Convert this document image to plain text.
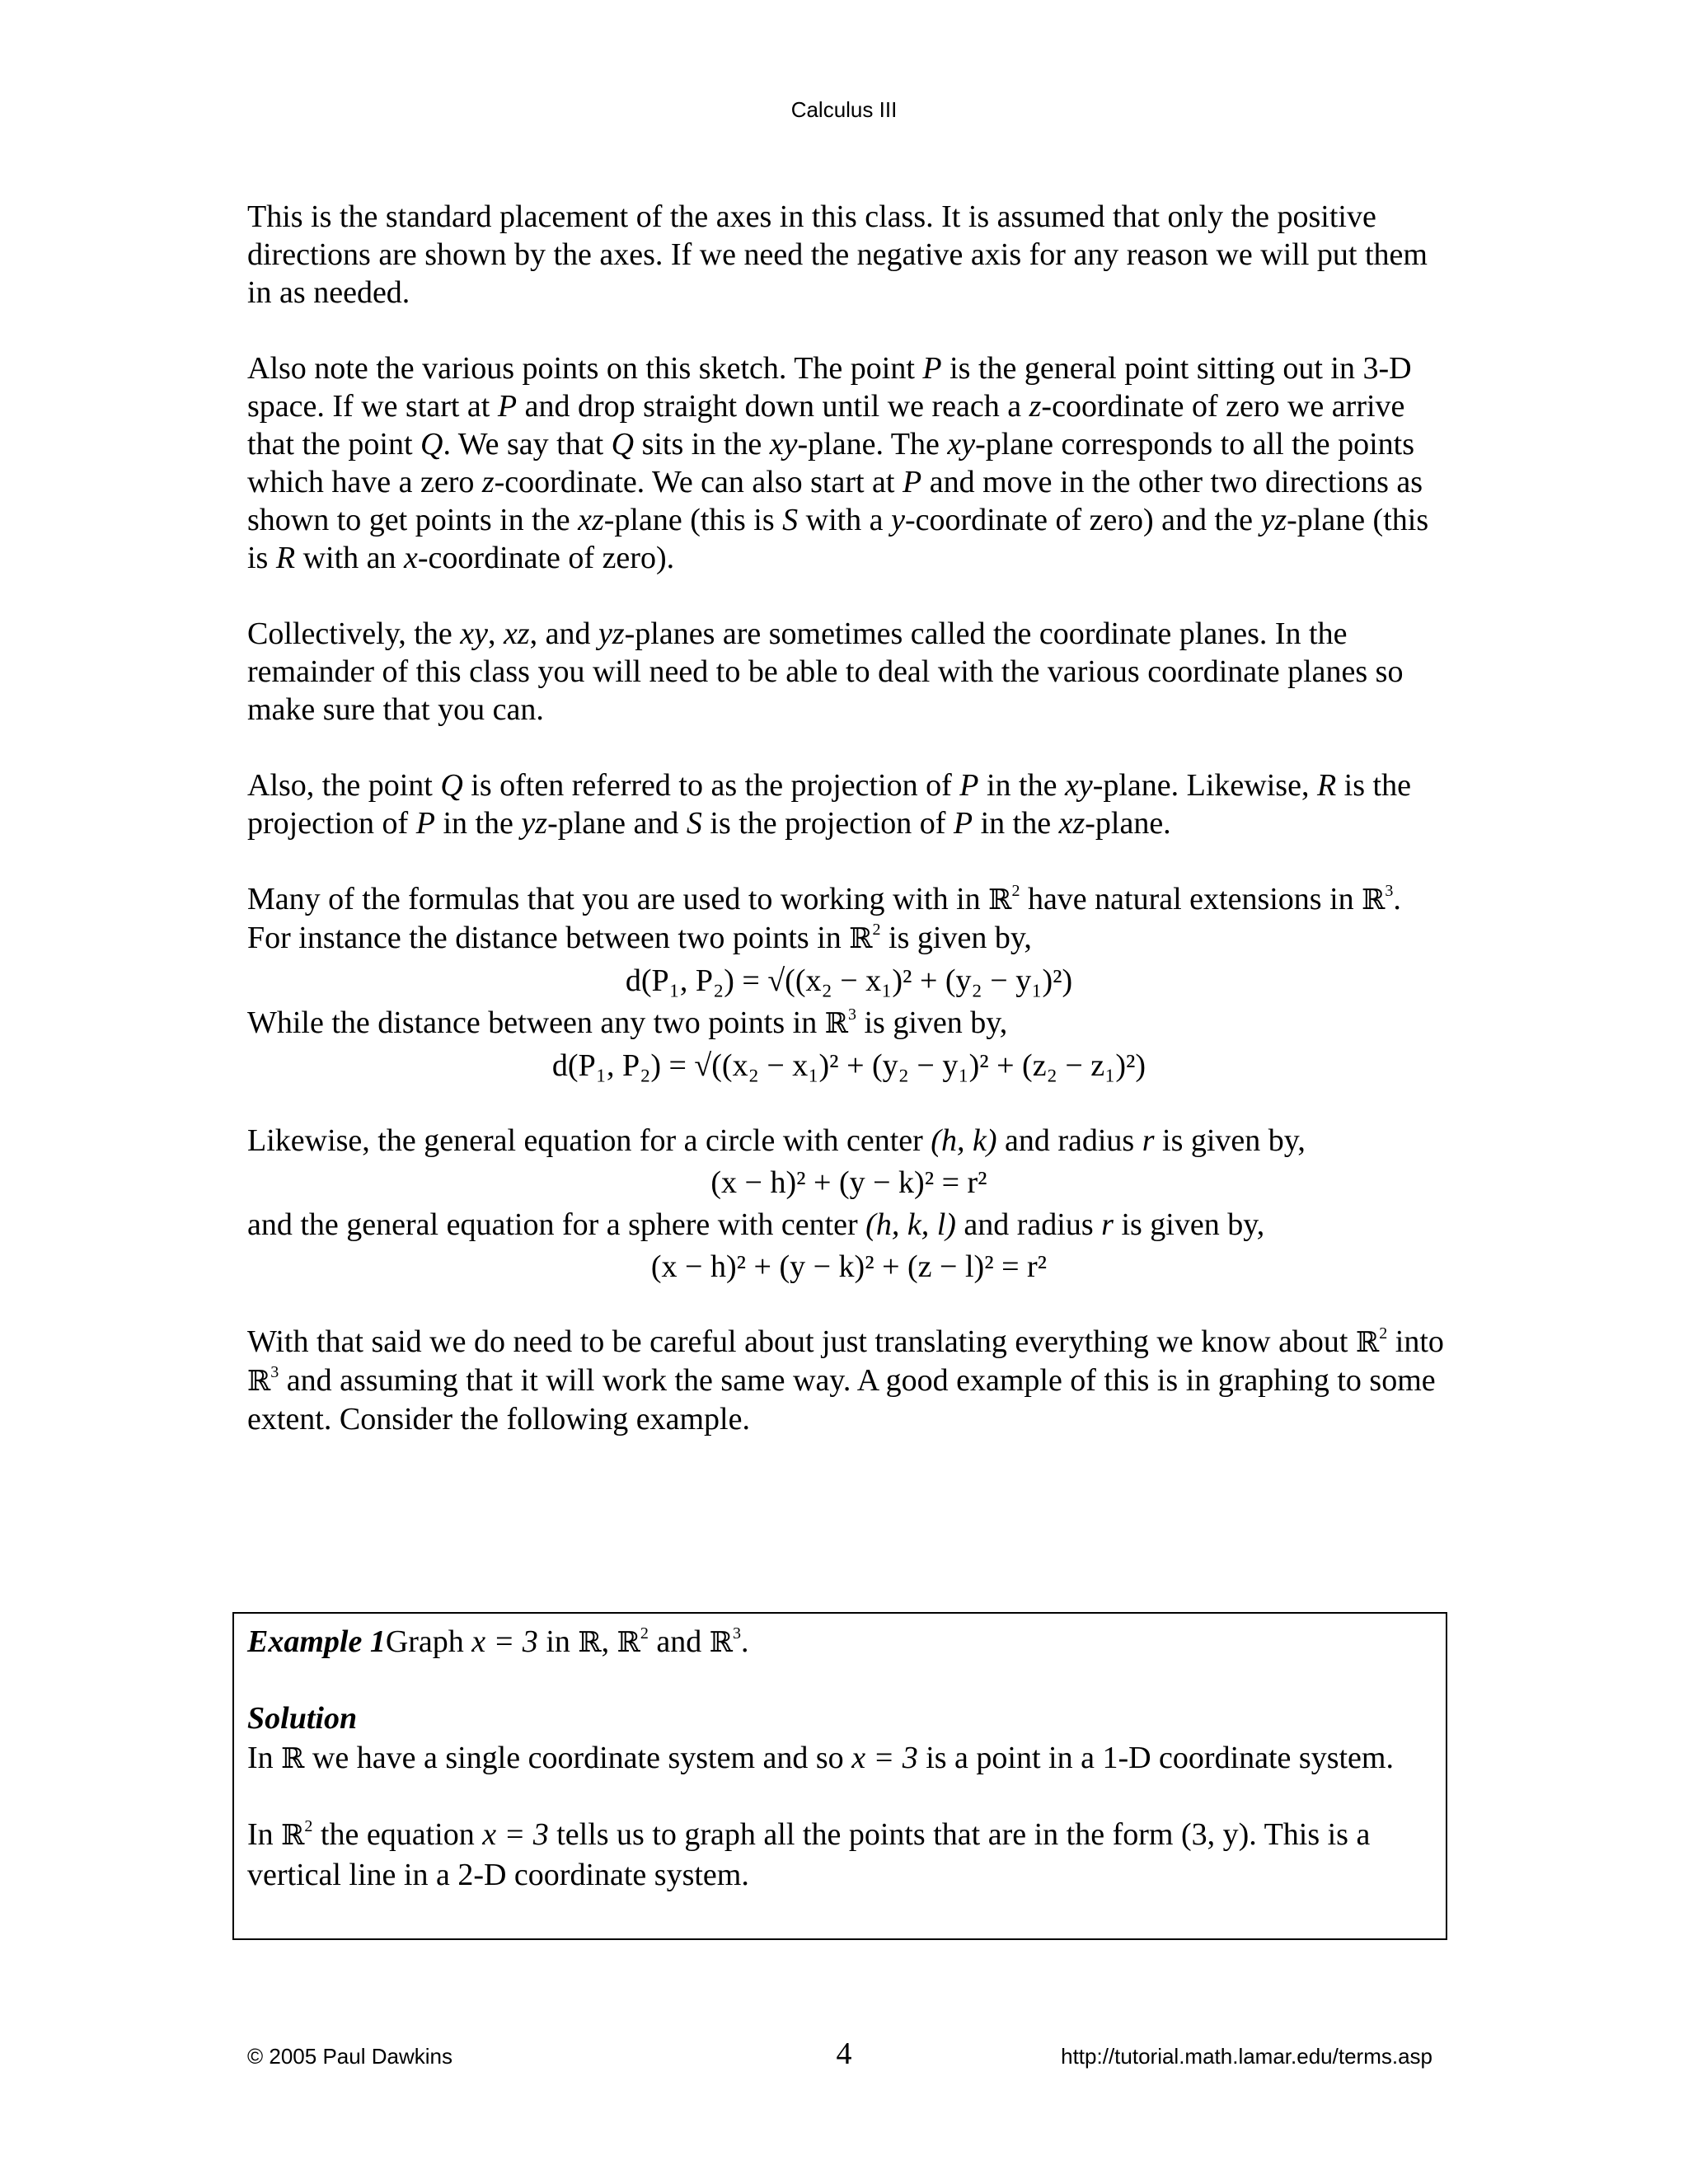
Calculus III

This is the standard placement of the axes in this class. It is assumed that only the positive directions are shown by the axes. If we need the negative axis for any reason we will put them in as needed.

Also note the various points on this sketch. The point P is the general point sitting out in 3-D space. If we start at P and drop straight down until we reach a z-coordinate of zero we arrive that the point Q. We say that Q sits in the xy-plane. The xy-plane corresponds to all the points which have a zero z-coordinate. We can also start at P and move in the other two directions as shown to get points in the xz-plane (this is S with a y-coordinate of zero) and the yz-plane (this is R with an x-coordinate of zero).

Collectively, the xy, xz, and yz-planes are sometimes called the coordinate planes. In the remainder of this class you will need to be able to deal with the various coordinate planes so make sure that you can.

Also, the point Q is often referred to as the projection of P in the xy-plane. Likewise, R is the projection of P in the yz-plane and S is the projection of P in the xz-plane.

Many of the formulas that you are used to working with in ℝ$^2$ have natural extensions in ℝ$^3$. For instance the distance between two points in ℝ$^2$ is given by,

d(P₁, P₂) = √((x₂ − x₁)² + (y₂ − y₁)²)

While the distance between any two points in ℝ$^3$ is given by,

d(P₁, P₂) = √((x₂ − x₁)² + (y₂ − y₁)² + (z₂ − z₁)²)

Likewise, the general equation for a circle with center (h, k) and radius r is given by,

(x − h)² + (y − k)² = r²

and the general equation for a sphere with center (h, k, l) and radius r is given by,

(x − h)² + (y − k)² + (z − l)² = r²

With that said we do need to be careful about just translating everything we know about ℝ$^2$ into ℝ$^3$ and assuming that it will work the same way. A good example of this is in graphing to some extent. Consider the following example.

Example 1Graph x = 3 in ℝ, ℝ$^2$ and ℝ$^3$.

Solution

In ℝ we have a single coordinate system and so x = 3 is a point in a 1-D coordinate system.

In ℝ$^2$ the equation x = 3 tells us to graph all the points that are in the form (3, y). This is a vertical line in a 2-D coordinate system.

© 2005 Paul Dawkins	4	http://tutorial.math.lamar.edu/terms.asp
